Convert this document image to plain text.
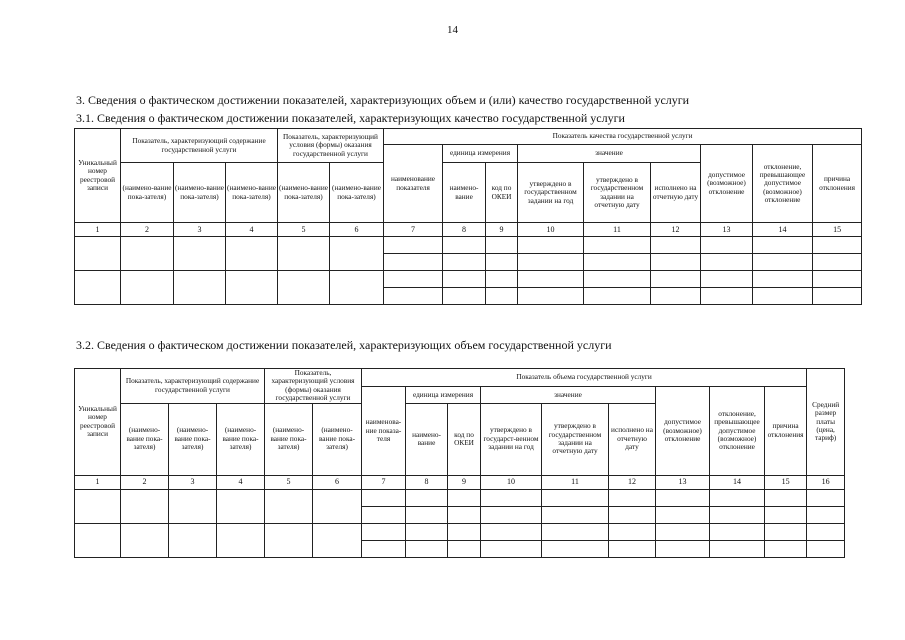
14
3. Сведения о фактическом достижении показателей, характеризующих объем и (или) качество государственной услуги
3.1. Сведения о фактическом достижении показателей, характеризующих качество государственной услуги
Уникальный номер реестровой записи	Показатель, характеризующий содержание государственной услуги			Показатель, характеризующий условия (формы) оказания государственной услуги		Показатель качества государственной услуги								
						наименование показателя	единица измерения		значение			допустимое (возможное) отклонение	отклонение, превышающее допустимое (возможное) отклонение	причина отклонения
	(наимено-вание пока-зателя)	(наимено-вание пока-зателя)	(наимено-вание пока-зателя)	(наимено-вание пока-зателя)	(наимено-вание пока-зателя)		наимено-вание	код по ОКЕИ	утверждено в государственном задании на год	утверждено в государственном задании на отчетную дату	исполнено на отчетную дату			
1	2	3	4	5	6	7	8	9	10	11	12	13	14	15

3.2. Сведения о фактическом достижении показателей, характеризующих объем государственной услуги
Уникальный номер реестровой записи	Показатель, характеризующий содержание государственной услуги			Показатель, характеризующий условия (формы) оказания государственной услуги		Показатель объема государственной услуги									Средний размер платы (цена, тариф)
						наименова-ние показа-теля	единица измерения		значение			допустимое (возможное) отклонение	отклонение, превышающее допустимое (возможное) отклонение	причина отклонения	
	(наимено-вание пока-зателя)	(наимено-вание пока-зателя)	(наимено-вание пока-зателя)	(наимено-вание пока-зателя)	(наимено-вание пока-зателя)		наимено-вание	код по ОКЕИ	утверждено в государст-венном задании на год	утверждено в государственном задании на отчетную дату	исполнено на отчетную дату				
1	2	3	4	5	6	7	8	9	10	11	12	13	14	15	16
